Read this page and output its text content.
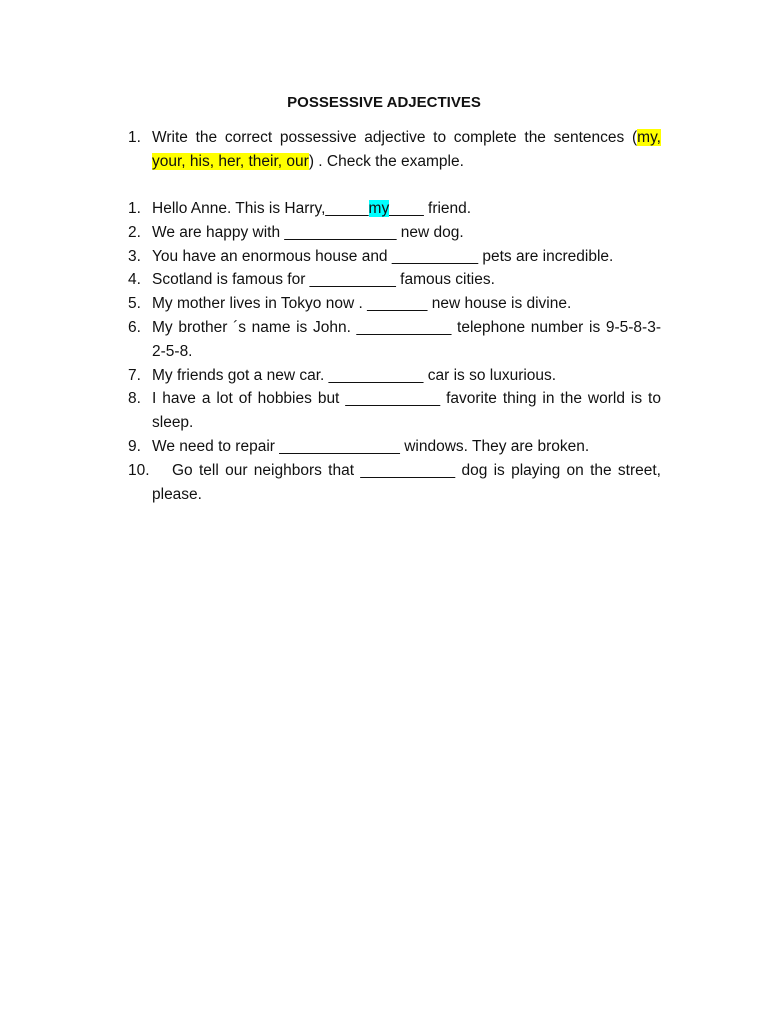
POSSESSIVE ADJECTIVES
1. Write the correct possessive adjective to complete the sentences (my, your, his, her, their, our) . Check the example.
1. Hello Anne. This is Harry,_____my____ friend.
2. We are happy with _____________ new dog.
3. You have an enormous house and __________ pets are incredible.
4. Scotland is famous for __________ famous cities.
5. My mother lives in Tokyo now . _______ new house is divine.
6. My brother ´s name is John. ___________ telephone number is 9-5-8-3-2-5-8.
7. My friends got a new car. ___________ car is so luxurious.
8. I have a lot of hobbies but ___________ favorite thing in the world is to sleep.
9. We need to repair ______________ windows. They are broken.
10.	Go tell our neighbors that ___________ dog is playing on the street, please.
